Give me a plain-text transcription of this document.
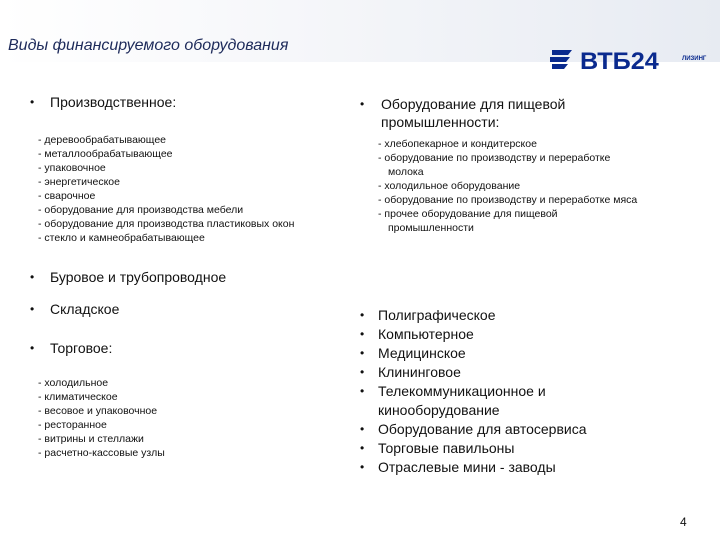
Виды финансируемого оборудования
ВТБ24	ЛИЗИНГ
• Производственное:
- деревообрабатывающее
- металлообрабатывающее
- упаковочное
- энергетическое
- сварочное
- оборудование для производства мебели
- оборудование для производства пластиковых окон
- стекло и камнеобрабатывающее
• Буровое и трубопроводное
• Складское
• Торговое:
- холодильное
- климатическое
- весовое и упаковочное
- ресторанное
- витрины и стеллажи
- расчетно-кассовые узлы
• Оборудование для пищевой
промышленности:
- хлебопекарное и кондитерское
- оборудование по производству и переработке
молока
- холодильное оборудование
- оборудование по производству и переработке мяса
- прочее оборудование для пищевой
промышленности
• Полиграфическое
• Компьютерное
• Медицинское
• Клининговое
• Телекоммуникационное и
кинооборудование
• Оборудование для автосервиса
• Торговые павильоны
• Отраслевые мини - заводы
4
